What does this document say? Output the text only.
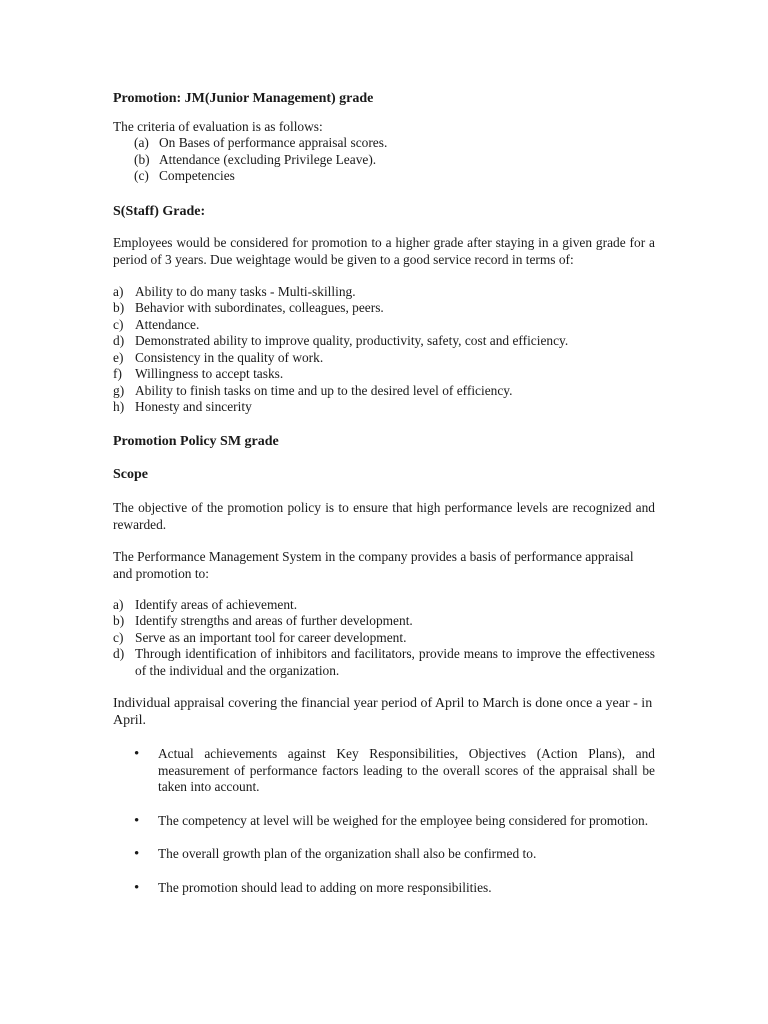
Promotion: JM(Junior Management) grade

The criteria of evaluation is as follows:

(a) On Bases of performance appraisal scores.
(b) Attendance (excluding Privilege Leave).
(c) Competencies
S(Staff) Grade:

Employees would be considered for promotion to a higher grade after staying in a given grade for a period of 3 years. Due weightage would be given to a good service record in terms of:

a) Ability to do many tasks - Multi-skilling.
b) Behavior with subordinates, colleagues, peers.
c) Attendance.
d) Demonstrated ability to improve quality, productivity, safety, cost and efficiency.
e) Consistency in the quality of work.
f) Willingness to accept tasks.
g) Ability to finish tasks on time and up to the desired level of efficiency.
h) Honesty and sincerity
Promotion Policy SM grade
Scope

The objective of the promotion policy is to ensure that high performance levels are recognized and rewarded.

The Performance Management System in the company provides a basis of performance appraisal and promotion to:

a) Identify areas of achievement.
b) Identify strengths and areas of further development.
c) Serve as an important tool for career development.
d) Through identification of inhibitors and facilitators, provide means to improve the effectiveness of the individual and the organization.

Individual appraisal covering the financial year period of April to March is done once a year - in April.

• Actual achievements against Key Responsibilities, Objectives (Action Plans), and measurement of performance factors leading to the overall scores of the appraisal shall be taken into account.
• The competency at level will be weighed for the employee being considered for promotion.
• The overall growth plan of the organization shall also be confirmed to.
• The promotion should lead to adding on more responsibilities.
